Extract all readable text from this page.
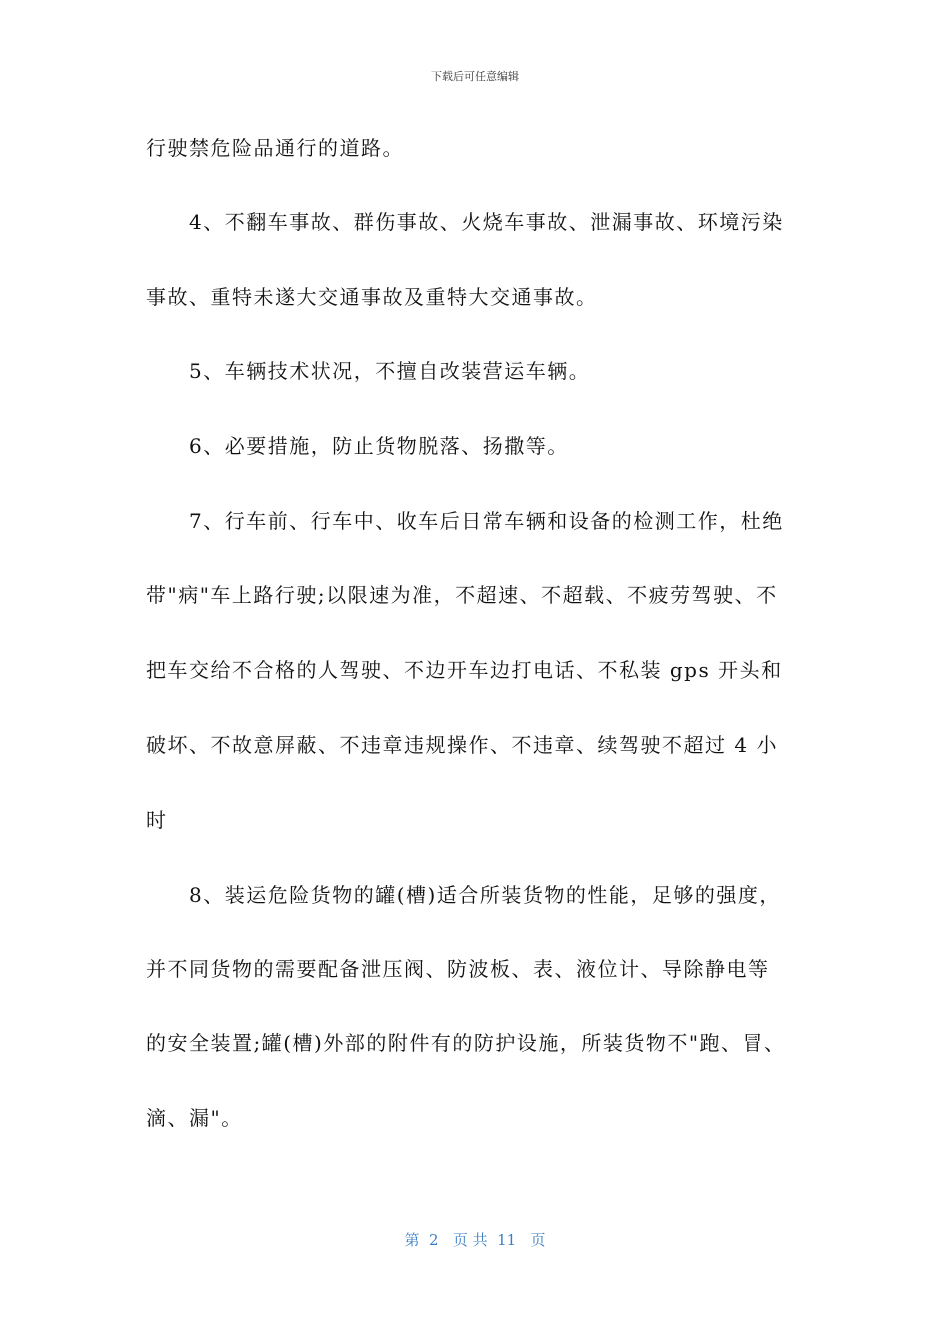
下载后可任意编辑
行驶禁危险品通行的道路。
4、不翻车事故、群伤事故、火烧车事故、泄漏事故、环境污染
事故、重特未遂大交通事故及重特大交通事故。
5、车辆技术状况，不擅自改装营运车辆。
6、必要措施，防止货物脱落、扬撒等。
7、行车前、行车中、收车后日常车辆和设备的检测工作，杜绝
带"病"车上路行驶;以限速为准，不超速、不超载、不疲劳驾驶、不
把车交给不合格的人驾驶、不边开车边打电话、不私装 gps 开头和
破坏、不故意屏蔽、不违章违规操作、不违章、续驾驶不超过 4 小
时
8、装运危险货物的罐(槽)适合所装货物的性能，足够的强度，
并不同货物的需要配备泄压阀、防波板、表、液位计、导除静电等
的安全装置;罐(槽)外部的附件有的防护设施，所装货物不"跑、冒、
滴、漏"。
第  2   页 共  11   页
